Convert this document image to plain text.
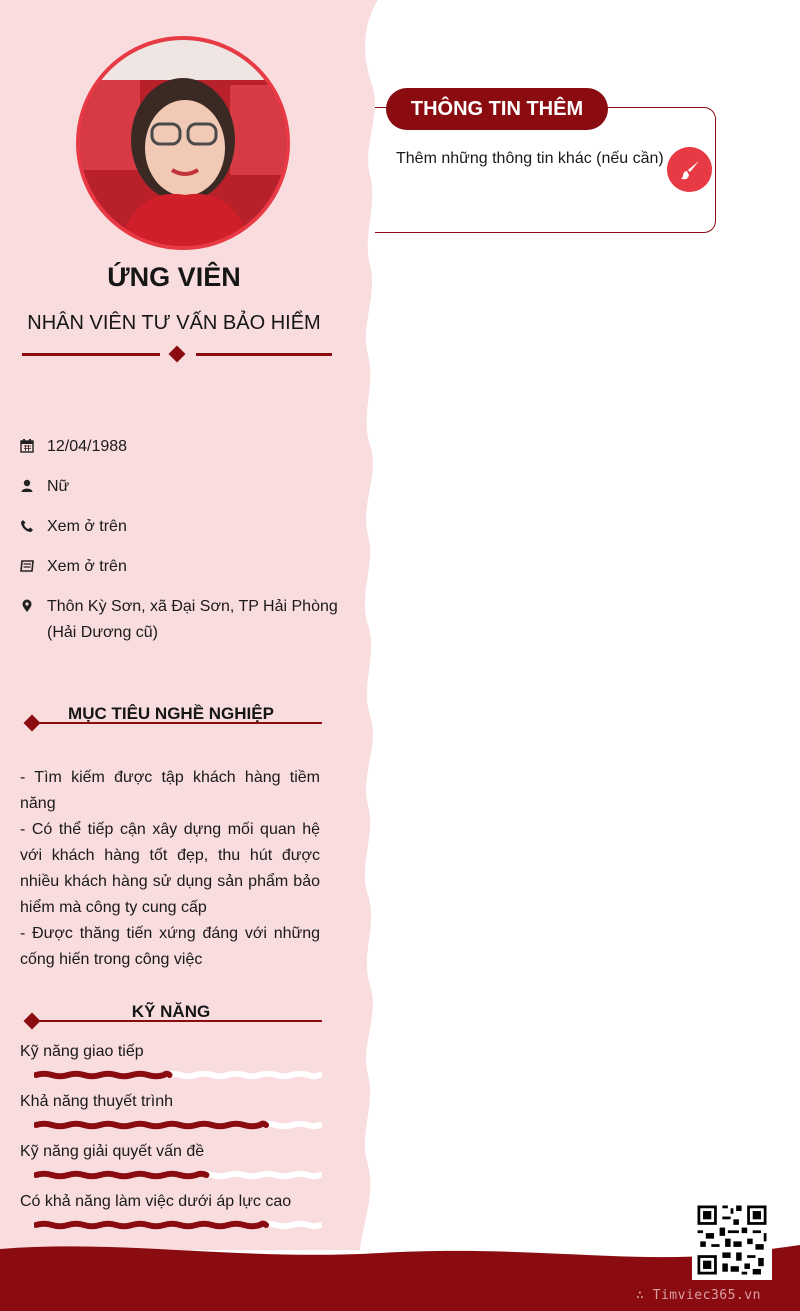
ỨNG VIÊN
NHÂN VIÊN TƯ VẤN BẢO HIỂM
12/04/1988
Nữ
Xem ở trên
Xem ở trên
Thôn Kỳ Sơn, xã Đại Sơn, TP Hải Phòng (Hải Dương cũ)
MỤC TIÊU NGHỀ NGHIỆP
- Tìm kiếm được tập khách hàng tiềm năng
- Có thể tiếp cận xây dựng mối quan hệ với khách hàng tốt đẹp, thu hút được nhiều khách hàng sử dụng sản phẩm bảo hiểm mà công ty cung cấp
- Được thăng tiến xứng đáng với những cống hiến trong công việc
KỸ NĂNG
Kỹ năng giao tiếp
Khả năng thuyết trình
Kỹ năng giải quyết vấn đề
Có khả năng làm việc dưới áp lực cao
THÔNG TIN THÊM
Thêm những thông tin khác (nếu cần)
∴ Timviec365.vn
